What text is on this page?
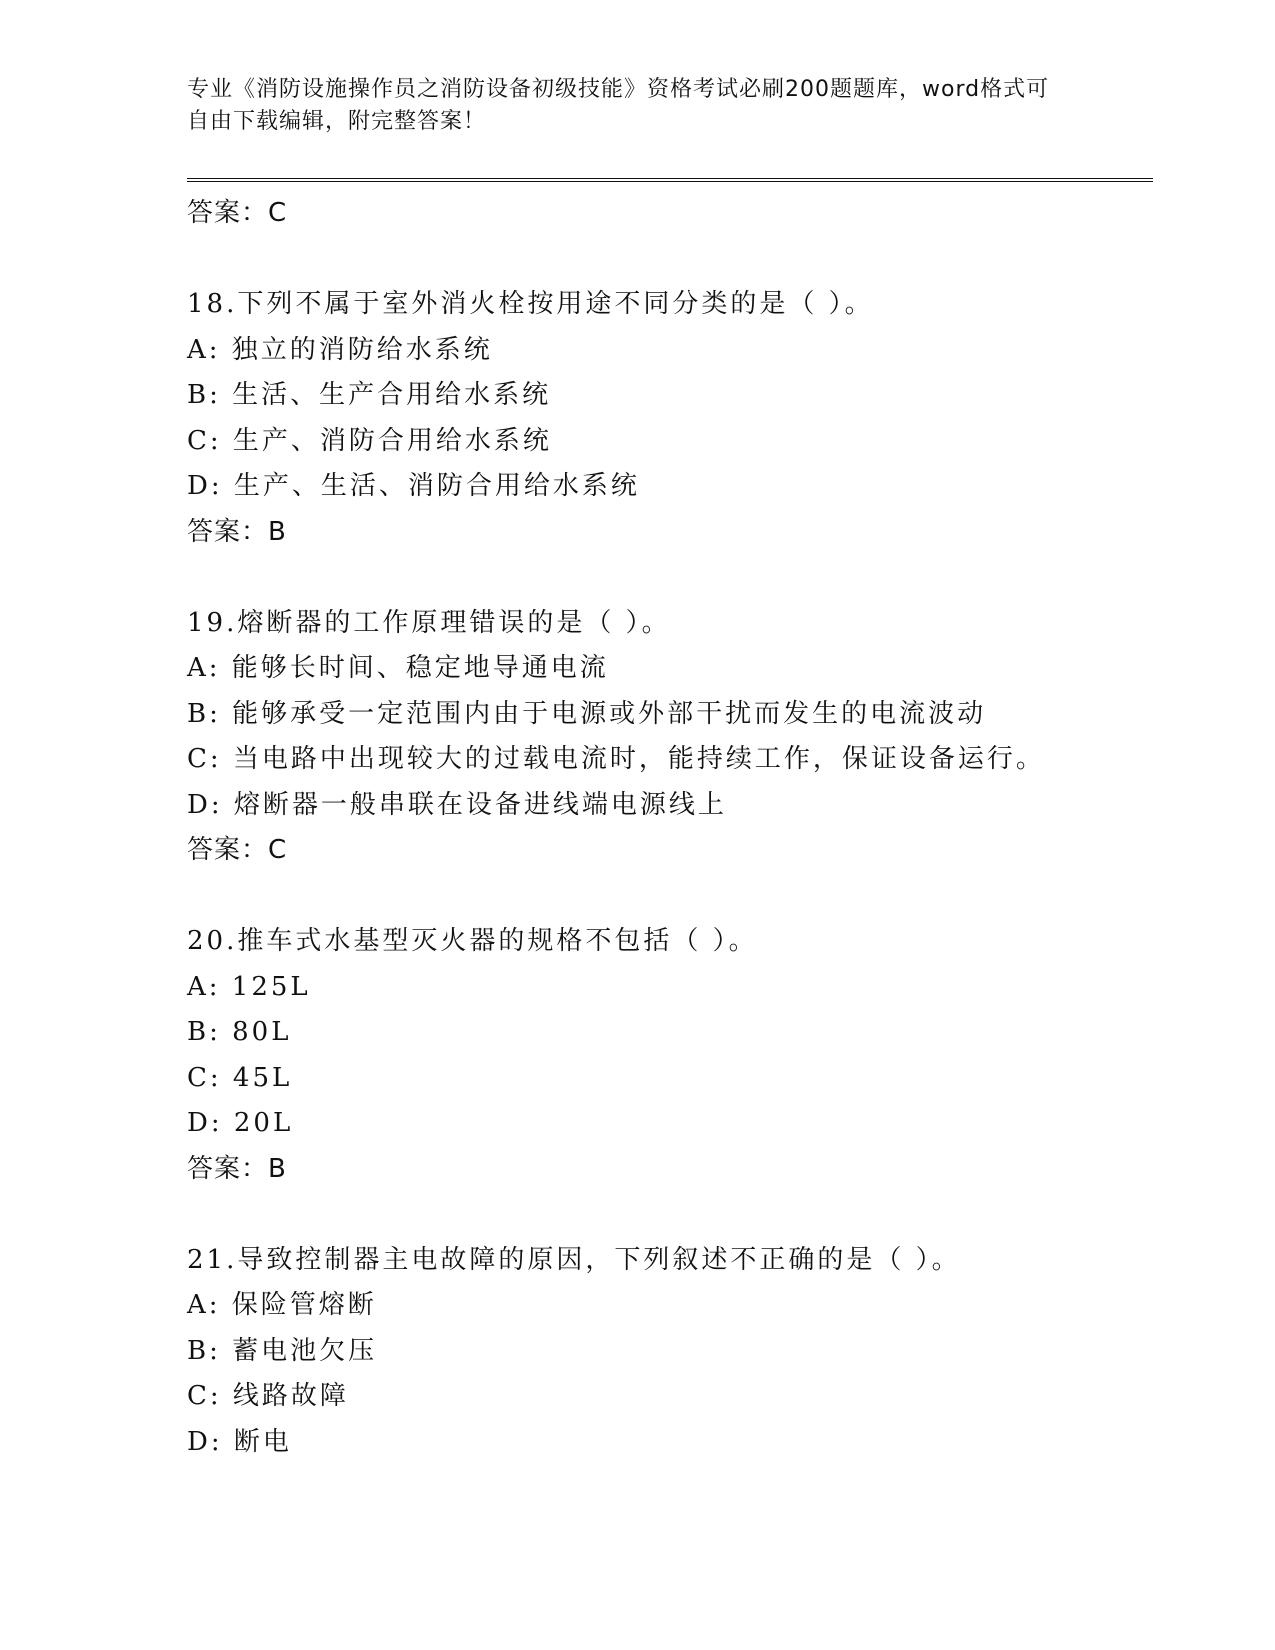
专业《消防设施操作员之消防设备初级技能》资格考试必刷200题题库，word格式可自由下载编辑，附完整答案！

答案：C
18.下列不属于室外消火栓按用途不同分类的是（ ）。
A: 独立的消防给水系统
B: 生活、生产合用给水系统
C: 生产、消防合用给水系统
D: 生产、生活、消防合用给水系统
答案：B
19.熔断器的工作原理错误的是（ ）。
A: 能够长时间、稳定地导通电流
B: 能够承受一定范围内由于电源或外部干扰而发生的电流波动
C: 当电路中出现较大的过载电流时，能持续工作，保证设备运行。
D: 熔断器一般串联在设备进线端电源线上
答案：C
20.推车式水基型灭火器的规格不包括（ ）。
A: 125L
B: 80L
C: 45L
D: 20L
答案：B
21.导致控制器主电故障的原因，下列叙述不正确的是（ ）。
A: 保险管熔断
B: 蓄电池欠压
C: 线路故障
D: 断电
